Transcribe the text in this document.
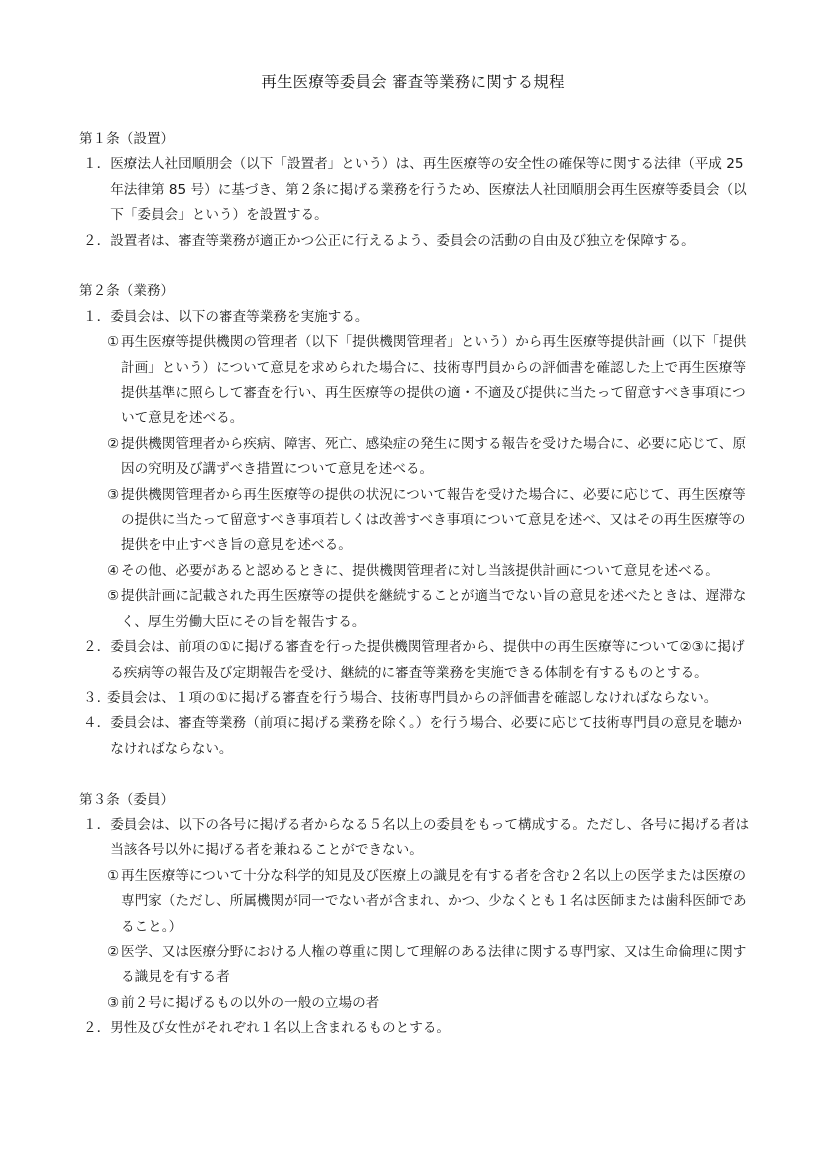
再生医療等委員会 審査等業務に関する規程
第１条（設置）
１． 医療法人社団順朋会（以下「設置者」という）は、再生医療等の安全性の確保等に関する法律（平成 25 年法律第 85 号）に基づき、第２条に掲げる業務を行うため、医療法人社団順朋会再生医療等委員会（以下「委員会」という）を設置する。
２． 設置者は、審査等業務が適正かつ公正に行えるよう、委員会の活動の自由及び独立を保障する。
第２条（業務）
１． 委員会は、以下の審査等業務を実施する。
① 再生医療等提供機関の管理者（以下「提供機関管理者」という）から再生医療等提供計画（以下「提供計画」という）について意見を求められた場合に、技術専門員からの評価書を確認した上で再生医療等提供基準に照らして審査を行い、再生医療等の提供の適・不適及び提供に当たって留意すべき事項について意見を述べる。
② 提供機関管理者から疾病、障害、死亡、感染症の発生に関する報告を受けた場合に、必要に応じて、原因の究明及び講ずべき措置について意見を述べる。
③ 提供機関管理者から再生医療等の提供の状況について報告を受けた場合に、必要に応じて、再生医療等の提供に当たって留意すべき事項若しくは改善すべき事項について意見を述べ、又はその再生医療等の提供を中止すべき旨の意見を述べる。
④ その他、必要があると認めるときに、提供機関管理者に対し当該提供計画について意見を述べる。
⑤ 提供計画に記載された再生医療等の提供を継続することが適当でない旨の意見を述べたときは、遅滞なく、厚生労働大臣にその旨を報告する。
２． 委員会は、前項の①に掲げる審査を行った提供機関管理者から、提供中の再生医療等について②③に掲げる疾病等の報告及び定期報告を受け、継続的に審査等業務を実施できる体制を有するものとする。
３. 委員会は、１項の①に掲げる審査を行う場合、技術専門員からの評価書を確認しなければならない。
４． 委員会は、審査等業務（前項に掲げる業務を除く。）を行う場合、必要に応じて技術専門員の意見を聴かなければならない。
第３条（委員）
１． 委員会は、以下の各号に掲げる者からなる５名以上の委員をもって構成する。ただし、各号に掲げる者は当該各号以外に掲げる者を兼ねることができない。
① 再生医療等について十分な科学的知見及び医療上の識見を有する者を含む２名以上の医学または医療の専門家（ただし、所属機関が同一でない者が含まれ、かつ、少なくとも１名は医師または歯科医師であること。）
② 医学、又は医療分野における人権の尊重に関して理解のある法律に関する専門家、又は生命倫理に関する識見を有する者
③ 前２号に掲げるもの以外の一般の立場の者
２． 男性及び女性がそれぞれ１名以上含まれるものとする。
